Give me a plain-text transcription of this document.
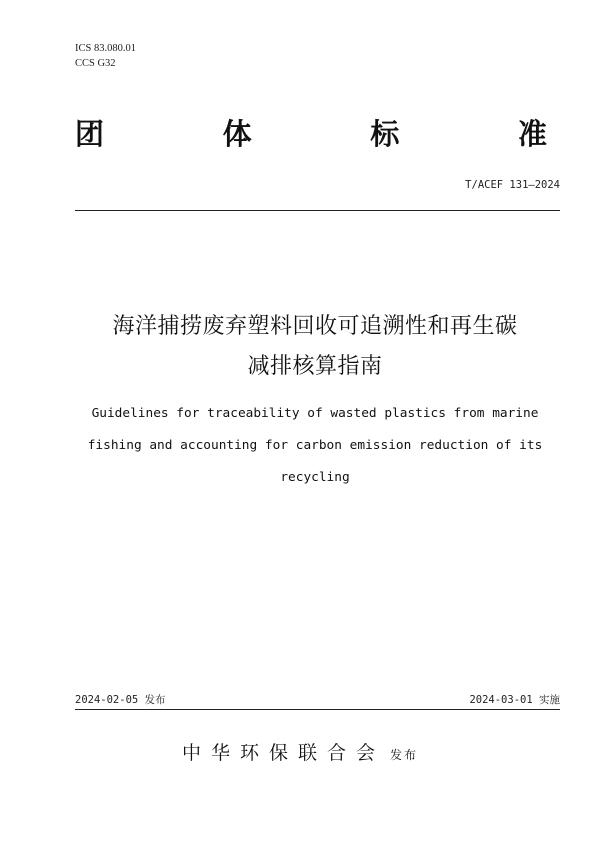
ICS 83.080.01
CCS G32
团	体	标	准
T/ACEF 131—2024
海洋捕捞废弃塑料回收可追溯性和再生碳
减排核算指南
Guidelines for traceability of wasted plastics from marine
fishing and accounting for carbon emission reduction of its
recycling
2024-02-05 发布	2024-03-01 实施
中华环保联合会 发布
